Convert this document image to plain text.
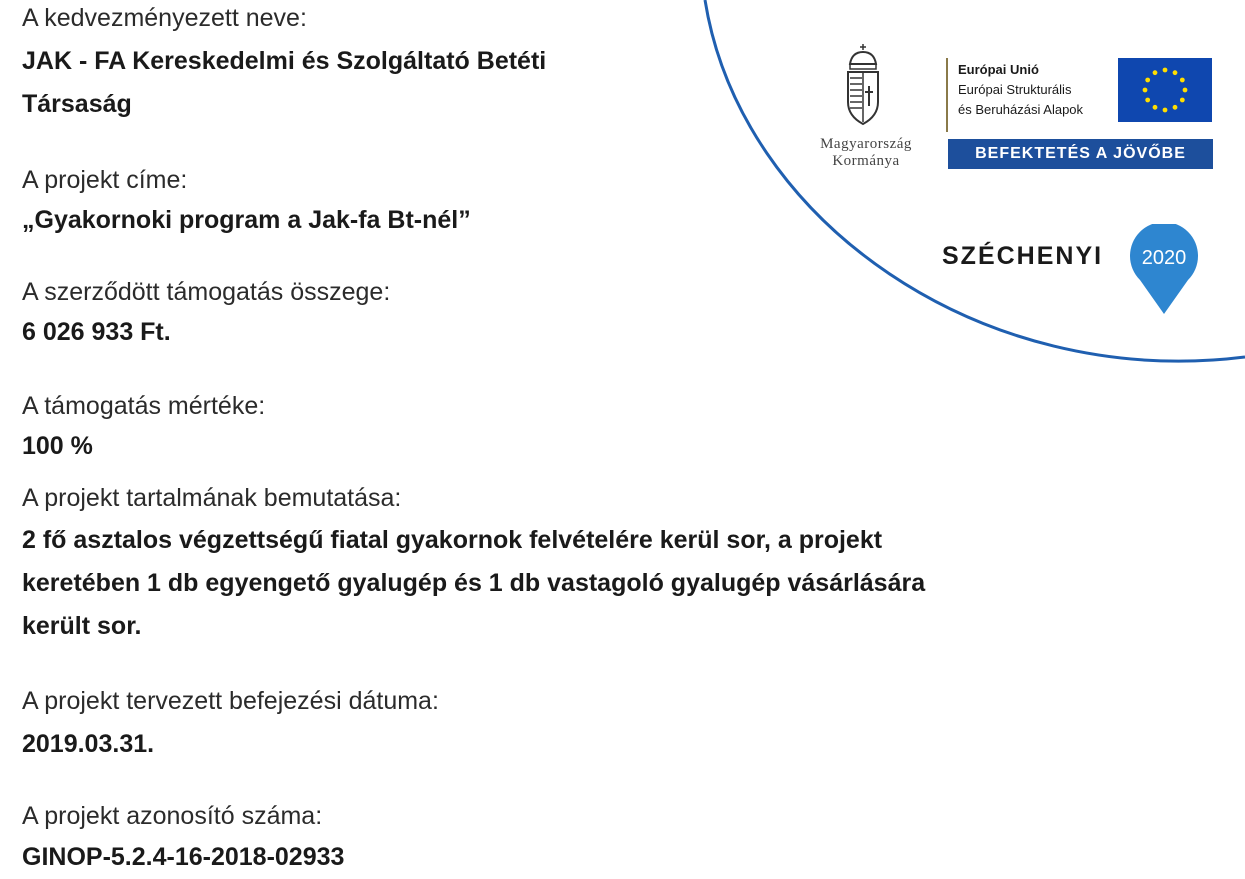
Magyarország
Kormánya
Európai Unió
Európai Strukturális
és Beruházási Alapok
BEFEKTETÉS A JÖVŐBE
SZÉCHENYI 2020
A kedvezményezett neve:
JAK - FA Kereskedelmi és Szolgáltató Betéti
Társaság
A projekt címe:
„Gyakornoki program a Jak-fa Bt-nél”
A szerződött támogatás összege:
6 026 933 Ft.
A támogatás mértéke:
100 %
A projekt tartalmának bemutatása:
2 fő asztalos végzettségű fiatal gyakornok felvételére kerül sor, a projekt
keretében 1 db egyengető gyalugép és 1 db vastagoló gyalugép vásárlására
került sor.
A projekt tervezett befejezési dátuma:
2019.03.31.
A projekt azonosító száma:
GINOP-5.2.4-16-2018-02933
